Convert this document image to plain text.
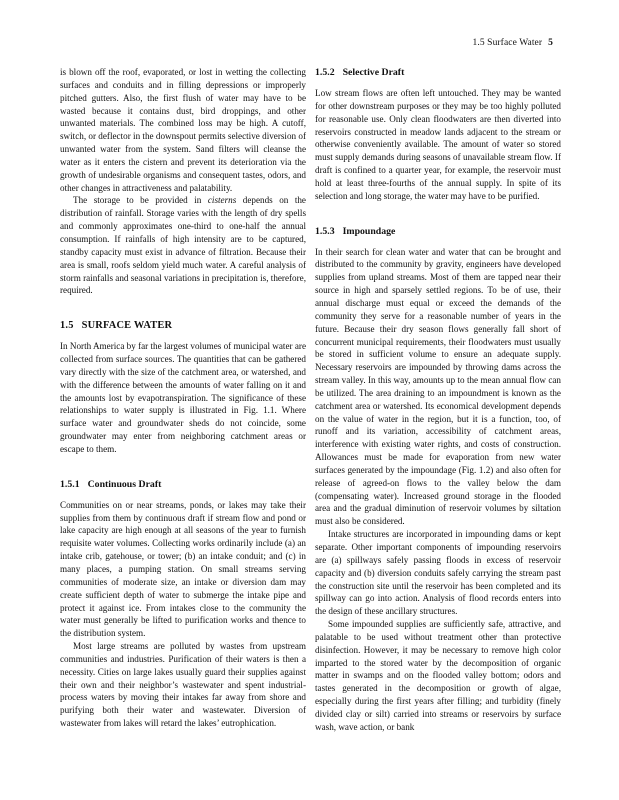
1.5 Surface Water 5

is blown off the roof, evaporated, or lost in wetting the collecting surfaces and conduits and in filling depressions or improperly pitched gutters. Also, the first flush of water may have to be wasted because it contains dust, bird droppings, and other unwanted materials. The combined loss may be high. A cutoff, switch, or deflector in the downspout permits selective diversion of unwanted water from the system. Sand filters will cleanse the water as it enters the cistern and prevent its deterioration via the growth of undesirable organisms and consequent tastes, odors, and other changes in attractiveness and palatability.

The storage to be provided in cisterns depends on the distribution of rainfall. Storage varies with the length of dry spells and commonly approximates one-third to one-half the annual consumption. If rainfalls of high intensity are to be captured, standby capacity must exist in advance of filtration. Because their area is small, roofs seldom yield much water. A careful analysis of storm rainfalls and seasonal variations in precipitation is, therefore, required.

1.5 SURFACE WATER

In North America by far the largest volumes of municipal water are collected from surface sources. The quantities that can be gathered vary directly with the size of the catchment area, or watershed, and with the difference between the amounts of water falling on it and the amounts lost by evapotranspiration. The significance of these relationships to water supply is illustrated in Fig. 1.1. Where surface water and groundwater sheds do not coincide, some groundwater may enter from neighboring catchment areas or escape to them.

1.5.1 Continuous Draft

Communities on or near streams, ponds, or lakes may take their supplies from them by continuous draft if stream flow and pond or lake capacity are high enough at all seasons of the year to furnish requisite water volumes. Collecting works ordinarily include (a) an intake crib, gatehouse, or tower; (b) an intake conduit; and (c) in many places, a pumping station. On small streams serving communities of moderate size, an intake or diversion dam may create sufficient depth of water to submerge the intake pipe and protect it against ice. From intakes close to the community the water must generally be lifted to purification works and thence to the distribution system.

Most large streams are polluted by wastes from upstream communities and industries. Purification of their waters is then a necessity. Cities on large lakes usually guard their supplies against their own and their neighbor’s wastewater and spent industrial-process waters by moving their intakes far away from shore and purifying both their water and wastewater. Diversion of wastewater from lakes will retard the lakes’ eutrophication.

1.5.2 Selective Draft

Low stream flows are often left untouched. They may be wanted for other downstream purposes or they may be too highly polluted for reasonable use. Only clean floodwaters are then diverted into reservoirs constructed in meadow lands adjacent to the stream or otherwise conveniently available. The amount of water so stored must supply demands during seasons of unavailable stream flow. If draft is confined to a quarter year, for example, the reservoir must hold at least three-fourths of the annual supply. In spite of its selection and long storage, the water may have to be purified.

1.5.3 Impoundage

In their search for clean water and water that can be brought and distributed to the community by gravity, engineers have developed supplies from upland streams. Most of them are tapped near their source in high and sparsely settled regions. To be of use, their annual discharge must equal or exceed the demands of the community they serve for a reasonable number of years in the future. Because their dry season flows generally fall short of concurrent municipal requirements, their floodwaters must usually be stored in sufficient volume to ensure an adequate supply. Necessary reservoirs are impounded by throwing dams across the stream valley. In this way, amounts up to the mean annual flow can be utilized. The area draining to an impoundment is known as the catchment area or watershed. Its economical development depends on the value of water in the region, but it is a function, too, of runoff and its variation, accessibility of catchment areas, interference with existing water rights, and costs of construction. Allowances must be made for evaporation from new water surfaces generated by the impoundage (Fig. 1.2) and also often for release of agreed-on flows to the valley below the dam (compensating water). Increased ground storage in the flooded area and the gradual diminution of reservoir volumes by siltation must also be considered.

Intake structures are incorporated in impounding dams or kept separate. Other important components of impounding reservoirs are (a) spillways safely passing floods in excess of reservoir capacity and (b) diversion conduits safely carrying the stream past the construction site until the reservoir has been completed and its spillway can go into action. Analysis of flood records enters into the design of these ancillary structures.

Some impounded supplies are sufficiently safe, attractive, and palatable to be used without treatment other than protective disinfection. However, it may be necessary to remove high color imparted to the stored water by the decomposition of organic matter in swamps and on the flooded valley bottom; odors and tastes generated in the decomposition or growth of algae, especially during the first years after filling; and turbidity (finely divided clay or silt) carried into streams or reservoirs by surface wash, wave action, or bank
